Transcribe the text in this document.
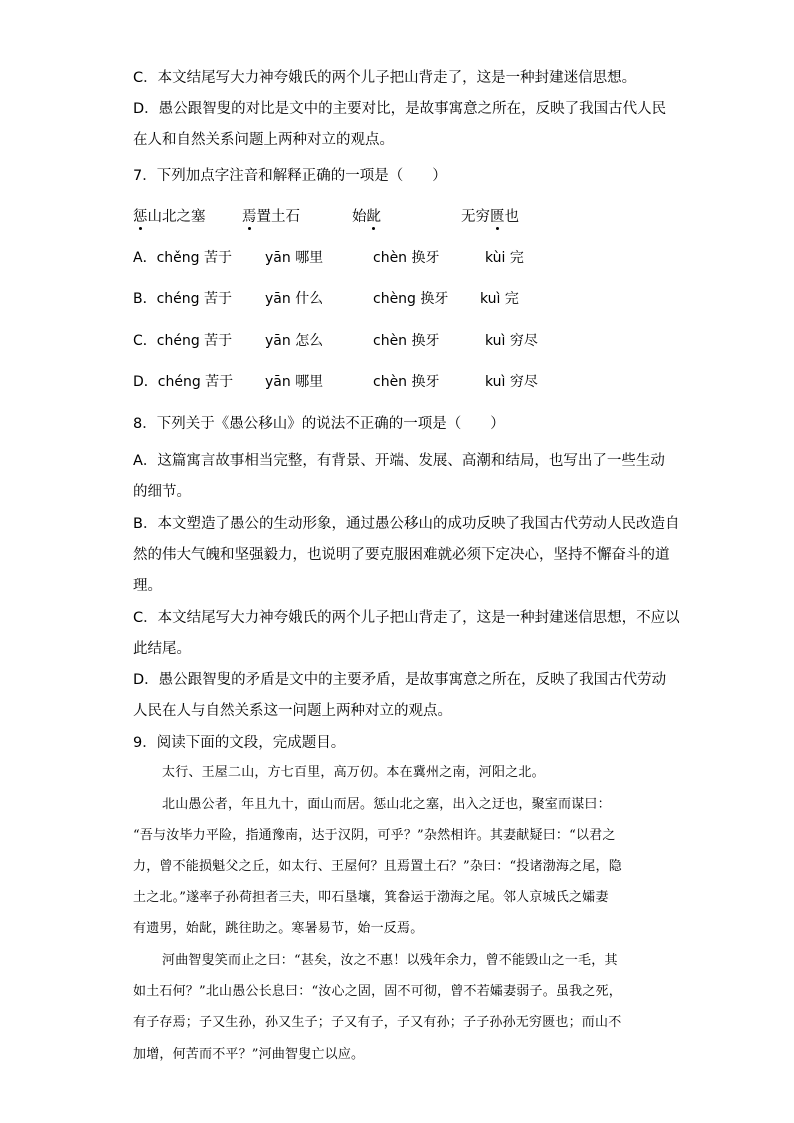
C．本文结尾写大力神夸娥氏的两个儿子把山背走了，这是一种封建迷信思想。
D．愚公跟智叟的对比是文中的主要对比，是故事寓意之所在，反映了我国古代人民
在人和自然关系问题上两种对立的观点。
7．下列加点字注音和解释正确的一项是（　　）
惩山北之塞	焉置土石	始龀	无穷匮也
A．chěng 苦于 yān 哪里	chèn 换牙	kùi 完
B．chéng 苦于 yān 什么	chèng 换牙 kuì 完
C．chéng 苦于 yān 怎么	chèn 换牙	kuì 穷尽
D．chéng 苦于 yān 哪里	chèn 换牙	kuì 穷尽
8．下列关于《愚公移山》的说法不正确的一项是（　　）
A．这篇寓言故事相当完整，有背景、开端、发展、高潮和结局，也写出了一些生动
的细节。
B．本文塑造了愚公的生动形象，通过愚公移山的成功反映了我国古代劳动人民改造自
然的伟大气魄和坚强毅力，也说明了要克服困难就必须下定决心，坚持不懈奋斗的道
理。
C．本文结尾写大力神夸娥氏的两个儿子把山背走了，这是一种封建迷信思想，不应以
此结尾。
D．愚公跟智叟的矛盾是文中的主要矛盾，是故事寓意之所在，反映了我国古代劳动
人民在人与自然关系这一问题上两种对立的观点。
9．阅读下面的文段，完成题目。
太行、王屋二山，方七百里，高万仞。本在冀州之南，河阳之北。
北山愚公者，年且九十，面山而居。惩山北之塞，出入之迂也，聚室而谋曰：
“吾与汝毕力平险，指通豫南，达于汉阴，可乎？”杂然相许。其妻献疑曰：“以君之
力，曾不能损魁父之丘，如太行、王屋何？且焉置土石？”杂曰：“投诸渤海之尾，隐
土之北。”遂率子孙荷担者三夫，叩石垦壤，箕畚运于渤海之尾。邻人京城氏之孀妻
有遗男，始龀，跳往助之。寒暑易节，始一反焉。
河曲智叟笑而止之曰：“甚矣，汝之不惠！以残年余力，曾不能毁山之一毛，其
如土石何？”北山愚公长息曰：“汝心之固，固不可彻，曾不若孀妻弱子。虽我之死，
有子存焉；子又生孙，孙又生子；子又有子，子又有孙；子子孙孙无穷匮也；而山不
加增，何苦而不平？”河曲智叟亡以应。
